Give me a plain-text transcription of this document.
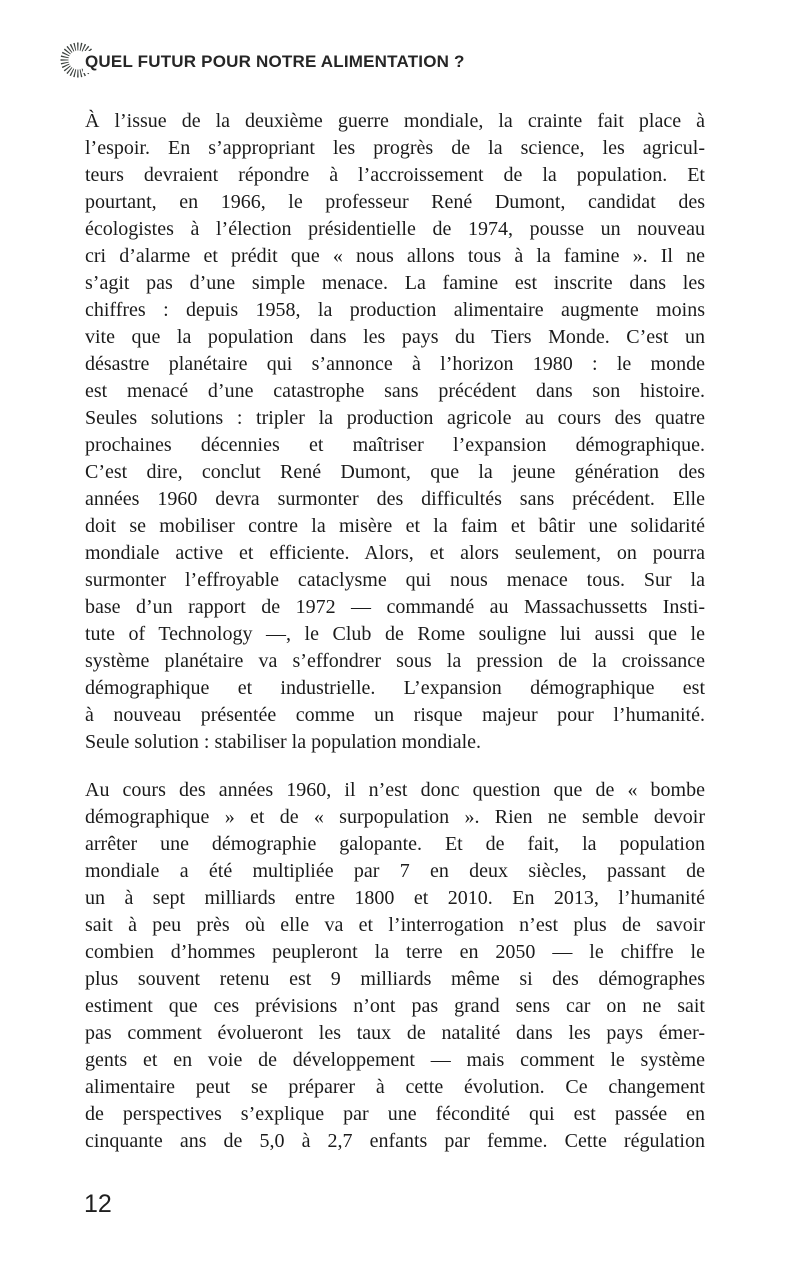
QUEL FUTUR POUR NOTRE ALIMENTATION ?
À l’issue de la deuxième guerre mondiale, la crainte fait place à
l’espoir. En s’appropriant les progrès de la science, les agricul-
teurs devraient répondre à l’accroissement de la population. Et
pourtant, en 1966, le professeur René Dumont, candidat des
écologistes à l’élection présidentielle de 1974, pousse un nouveau
cri d’alarme et prédit que « nous allons tous à la famine ». Il ne
s’agit pas d’une simple menace. La famine est inscrite dans les
chiffres : depuis 1958, la production alimentaire augmente moins
vite que la population dans les pays du Tiers Monde. C’est un
désastre planétaire qui s’annonce à l’horizon 1980 : le monde
est menacé d’une catastrophe sans précédent dans son histoire.
Seules solutions : tripler la production agricole au cours des quatre
prochaines décennies et maîtriser l’expansion démographique.
C’est dire, conclut René Dumont, que la jeune génération des
années 1960 devra surmonter des difficultés sans précédent. Elle
doit se mobiliser contre la misère et la faim et bâtir une solidarité
mondiale active et efficiente. Alors, et alors seulement, on pourra
surmonter l’effroyable cataclysme qui nous menace tous. Sur la
base d’un rapport de 1972 — commandé au Massachussetts Insti-
tute of Technology —, le Club de Rome souligne lui aussi que le
système planétaire va s’effondrer sous la pression de la croissance
démographique et industrielle. L’expansion démographique est
à nouveau présentée comme un risque majeur pour l’humanité.
Seule solution : stabiliser la population mondiale.
Au cours des années 1960, il n’est donc question que de « bombe
démographique » et de « surpopulation ». Rien ne semble devoir
arrêter une démographie galopante. Et de fait, la population
mondiale a été multipliée par 7 en deux siècles, passant de
un à sept milliards entre 1800 et 2010. En 2013, l’humanité
sait à peu près où elle va et l’interrogation n’est plus de savoir
combien d’hommes peupleront la terre en 2050 — le chiffre le
plus souvent retenu est 9 milliards même si des démographes
estiment que ces prévisions n’ont pas grand sens car on ne sait
pas comment évolueront les taux de natalité dans les pays émer-
gents et en voie de développement — mais comment le système
alimentaire peut se préparer à cette évolution. Ce changement
de perspectives s’explique par une fécondité qui est passée en
cinquante ans de 5,0 à 2,7 enfants par femme. Cette régulation
12
